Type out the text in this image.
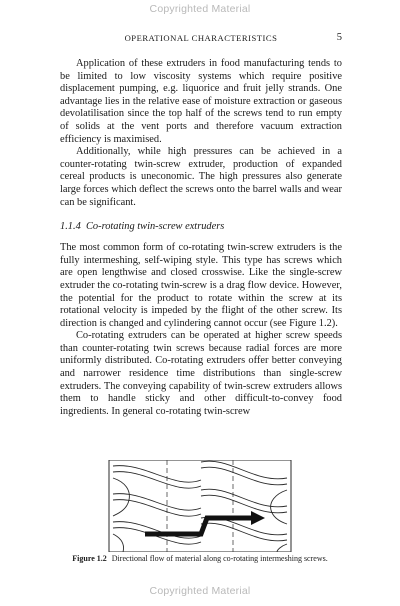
Copyrighted Material
OPERATIONAL CHARACTERISTICS	5

Application of these extruders in food manufacturing tends to be limited to low viscosity systems which require positive displacement pumping, e.g. liquorice and fruit jelly strands. One advantage lies in the relative ease of moisture extraction or gaseous devolatilisation since the top half of the screws tend to run empty of solids at the vent ports and therefore vacuum extraction efficiency is maximised.

Additionally, while high pressures can be achieved in a counter-rotating twin-screw extruder, production of expanded cereal products is uneconomic. The high pressures also generate large forces which deflect the screws onto the barrel walls and wear can be significant.

1.1.4 Co-rotating twin-screw extruders

The most common form of co-rotating twin-screw extruders is the fully intermeshing, self-wiping style. This type has screws which are open lengthwise and closed crosswise. Like the single-screw extruder the co-rotating twin-screw is a drag flow device. However, the potential for the product to rotate within the screw at its rotational velocity is impeded by the flight of the other screw. Its direction is changed and cylindering cannot occur (see Figure 1.2).

Co-rotating extruders can be operated at higher screw speeds than counter-rotating twin screws because radial forces are more uniformly distributed. Co-rotating extruders offer better conveying and narrower residence time distributions than single-screw extruders. The conveying capability of twin-screw extruders allows them to handle sticky and other difficult-to-convey food ingredients. In general co-rotating twin-screw

Figure 1.2 Directional flow of material along co-rotating intermeshing screws.
Copyrighted Material
